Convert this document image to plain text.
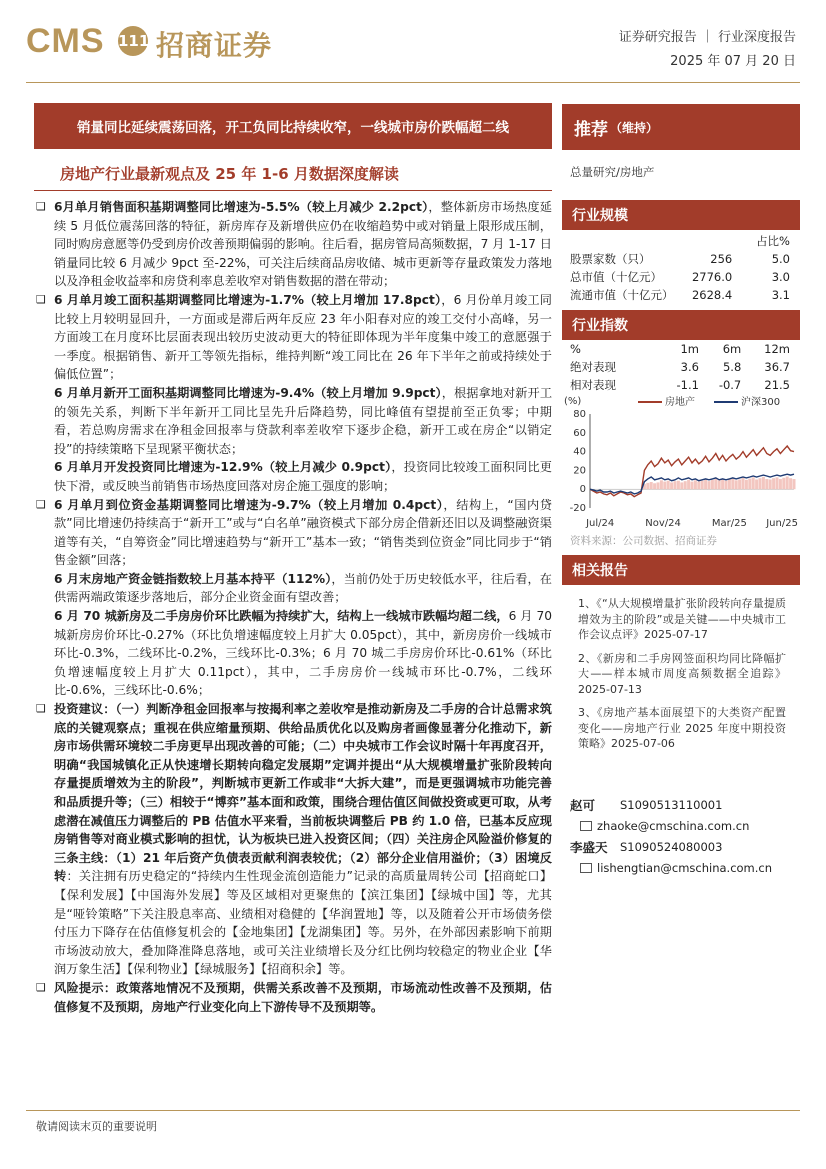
CMS 111 招商证券	证券研究报告 ｜ 行业深度报告
2025 年 07 月 20 日
销量同比延续震荡回落，开工负同比持续收窄，一线城市房价跌幅超二线
房地产行业最新观点及 25 年 1-6 月数据深度解读

❑ 6月单月销售面积基期调整同比增速为-5.5%（较上月减少 2.2pct），整体新房市场热度延续 5 月低位震荡回落的特征，新房库存及新增供应仍在收缩趋势中或对销量上限形成压制，同时购房意愿等仍受到房价改善预期偏弱的影响。往后看，据房管局高频数据，7 月 1-17 日销量同比较 6 月减少 9pct 至-22%，可关注后续商品房收储、城市更新等存量政策发力落地以及净租金收益率和房贷利率息差收窄对销售数据的潜在带动；

❑ 6 月单月竣工面积基期调整同比增速为-1.7%（较上月增加 17.8pct），6 月份单月竣工同比较上月较明显回升，一方面或是滞后两年反应 23 年小阳春对应的竣工交付小高峰，另一方面竣工在月度环比层面表现出较历史波动更大的特征即体现为半年度集中竣工的意愿强于一季度。根据销售、新开工等领先指标，维持判断“竣工同比在 26 年下半年之前或持续处于偏低位置”；

6 月单月新开工面积基期调整同比增速为-9.4%（较上月增加 9.9pct），根据拿地对新开工的领先关系，判断下半年新开工同比呈先升后降趋势，同比峰值有望提前至正负零；中期看，若总购房需求在净租金回报率与贷款利率差收窄下逐步企稳，新开工或在房企“以销定投”的持续策略下呈现紧平衡状态；

6 月单月开发投资同比增速为-12.9%（较上月减少 0.9pct），投资同比较竣工面积同比更快下滑，或反映当前销售市场热度回落对房企施工强度的影响；

❑ 6 月单月到位资金基期调整同比增速为-9.7%（较上月增加 0.4pct），结构上，“国内贷款”同比增速仍持续高于“新开工”或与“白名单”融资模式下部分房企借新还旧以及调整融资渠道等有关，“自筹资金”同比增速趋势与“新开工”基本一致；“销售类到位资金”同比同步于“销售金额”回落；

6 月末房地产资金链指数较上月基本持平（112%），当前仍处于历史较低水平，往后看，在供需两端政策逐步落地后，部分企业资金面有望改善；

6 月 70 城新房及二手房房价环比跌幅为持续扩大，结构上一线城市跌幅均超二线，6 月 70 城新房房价环比-0.27%（环比负增速幅度较上月扩大 0.05pct），其中，新房房价一线城市环比-0.3%，二线环比-0.2%，三线环比-0.3%；6 月 70 城二手房房价环比-0.61%（环比负增速幅度较上月扩大 0.11pct），其中，二手房房价一线城市环比-0.7%，二线环比-0.6%，三线环比-0.6%；

❑ 投资建议：（一）判断净租金回报率与按揭利率之差收窄是推动新房及二手房的合计总需求筑底的关键观察点；重视在供应缩量预期、供给品质优化以及购房者画像显著分化推动下，新房市场供需环境较二手房更早出现改善的可能；（二）中央城市工作会议时隔十年再度召开，明确“我国城镇化正从快速增长期转向稳定发展期”定调并提出“从大规模增量扩张阶段转向存量提质增效为主的阶段”，判断城市更新工作或非“大拆大建”，而是更强调城市功能完善和品质提升等；（三）相较于“博弈”基本面和政策，围绕合理估值区间做投资或更可取，从考虑潜在减值压力调整后的 PB 估值水平来看，当前板块调整后 PB 约 1.0 倍，已基本反应现房销售等对商业模式影响的担忧，认为板块已进入投资区间；（四）关注房企风险溢价修复的三条主线：（1）21 年后资产负债表贡献利润表较优；（2）部分企业信用溢价；（3）困境反转：关注拥有历史稳定的“持续内生性现金流创造能力”记录的高质量周转公司【招商蛇口】【保利发展】【中国海外发展】等及区域相对更聚焦的【滨江集团】【绿城中国】等，尤其是“哑铃策略”下关注股息率高、业绩相对稳健的【华润置地】等，以及随着公开市场债务偿付压力下降存在估值修复机会的【金地集团】【龙湖集团】等。另外，在外部因素影响下前期市场波动放大，叠加降准降息落地，或可关注业绩增长及分红比例均较稳定的物业企业【华润万象生活】【保利物业】【绿城服务】【招商积余】等。

❑ 风险提示：政策落地情况不及预期，供需关系改善不及预期，市场流动性改善不及预期，估值修复不及预期，房地产行业变化向上下游传导不及预期等。

推荐 （维持）
总量研究/房地产
行业规模
		占比%
股票家数（只）	256	5.0
总市值（十亿元）	2776.0	3.0
流通市值（十亿元）	2628.4	3.1
行业指数
%	1m	6m	12m
绝对表现	3.6	5.8	36.7
相对表现	-1.1	-0.7	21.5
(%)
-20
0
20
40
60
80
房地产	沪深300
Jul/24	Nov/24	Mar/25 Jun/25
资料来源：公司数据、招商证券
相关报告

1、《“从大规模增量扩张阶段转向存量提质增效为主的阶段”或是关键——中央城市工作会议点评》2025-07-17

2、《新房和二手房网签面积均同比降幅扩大——样本城市周度高频数据全追踪》2025-07-13

3、《房地产基本面展望下的大类资产配置变化——房地产行业 2025 年度中期投资策略》2025-07-06

赵可	S1090513110001
zhaoke@cmschina.com.cn
李盛天 S1090524080003
lishengtian@cmschina.com.cn
敬请阅读末页的重要说明
